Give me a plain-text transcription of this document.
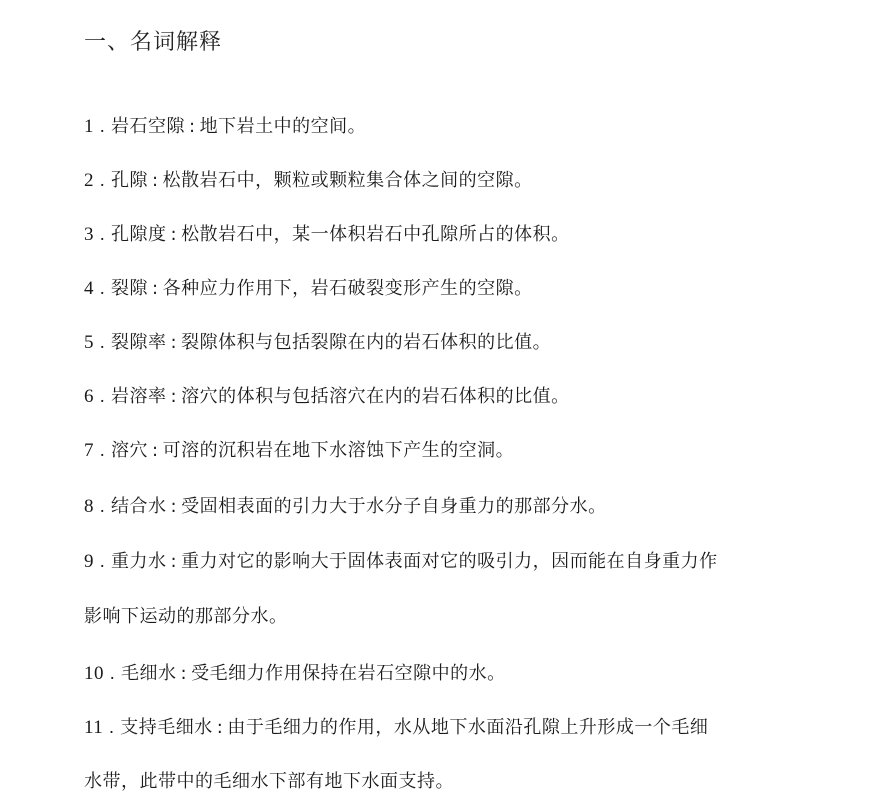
一、名词解释
1 . 岩石空隙 : 地下岩土中的空间。
2 . 孔隙 : 松散岩石中，颗粒或颗粒集合体之间的空隙。
3 . 孔隙度 : 松散岩石中，某一体积岩石中孔隙所占的体积。
4 . 裂隙 : 各种应力作用下，岩石破裂变形产生的空隙。
5 . 裂隙率 : 裂隙体积与包括裂隙在内的岩石体积的比值。
6 . 岩溶率 : 溶穴的体积与包括溶穴在内的岩石体积的比值。
7 . 溶穴 : 可溶的沉积岩在地下水溶蚀下产生的空洞。
8 . 结合水 : 受固相表面的引力大于水分子自身重力的那部分水。
9 . 重力水 : 重力对它的影响大于固体表面对它的吸引力，因而能在自身重力作
影响下运动的那部分水。
10 . 毛细水 : 受毛细力作用保持在岩石空隙中的水。
11 . 支持毛细水 : 由于毛细力的作用，水从地下水面沿孔隙上升形成一个毛细
水带，此带中的毛细水下部有地下水面支持。
